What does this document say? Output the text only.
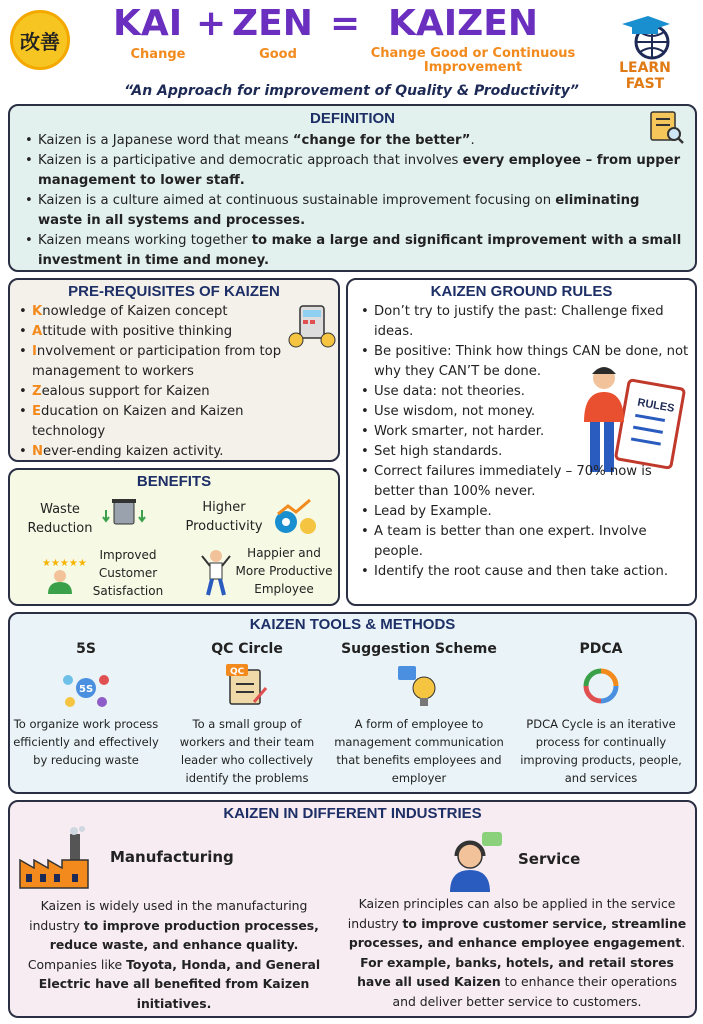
改善 KAI + ZEN = KAIZEN
Change	Good	Change Good or Continuous Improvement	LEARN FAST
“An Approach for improvement of Quality & Productivity”
DEFINITION
• Kaizen is a Japanese word that means “change for the better”.
• Kaizen is a participative and democratic approach that involves every employee – from upper management to lower staff.
• Kaizen is a culture aimed at continuous sustainable improvement focusing on eliminating waste in all systems and processes.
• Kaizen means working together to make a large and significant improvement with a small investment in time and money.
PRE-REQUISITES OF KAIZEN
• Knowledge of Kaizen concept
• Attitude with positive thinking
• Involvement or participation from top management to workers
• Zealous support for Kaizen
• Education on Kaizen and Kaizen technology
• Never-ending kaizen activity.
KAIZEN GROUND RULES
RULES
• Don’t try to justify the past: Challenge fixed ideas.
• Be positive: Think how things CAN be done, not why they CAN’T be done.
• Use data: not theories.
• Use wisdom, not money.
• Work smarter, not harder.
• Set high standards.
• Correct failures immediately – 70% now is better than 100% never.
• Lead by Example.
• A team is better than one expert. Involve people.
• Identify the root cause and then take action.
BENEFITS
Waste Reduction
Higher Productivity
★★★★★
Improved Customer Satisfaction
Happier and More Productive Employee
KAIZEN TOOLS & METHODS
5S
5S
To organize work process efficiently and effectively by reducing waste
QC Circle
QC
To a small group of workers and their team leader who collectively identify the problems
Suggestion Scheme
A form of employee to management communication that benefits employees and employer
PDCA
PDCA Cycle is an iterative process for continually improving products, people, and services
KAIZEN IN DIFFERENT INDUSTRIES
Manufacturing
Kaizen is widely used in the manufacturing industry to improve production processes, reduce waste, and enhance quality. Companies like Toyota, Honda, and General Electric have all benefited from Kaizen initiatives.
Service
Kaizen principles can also be applied in the service industry to improve customer service, streamline processes, and enhance employee engagement. For example, banks, hotels, and retail stores have all used Kaizen to enhance their operations and deliver better service to customers.
